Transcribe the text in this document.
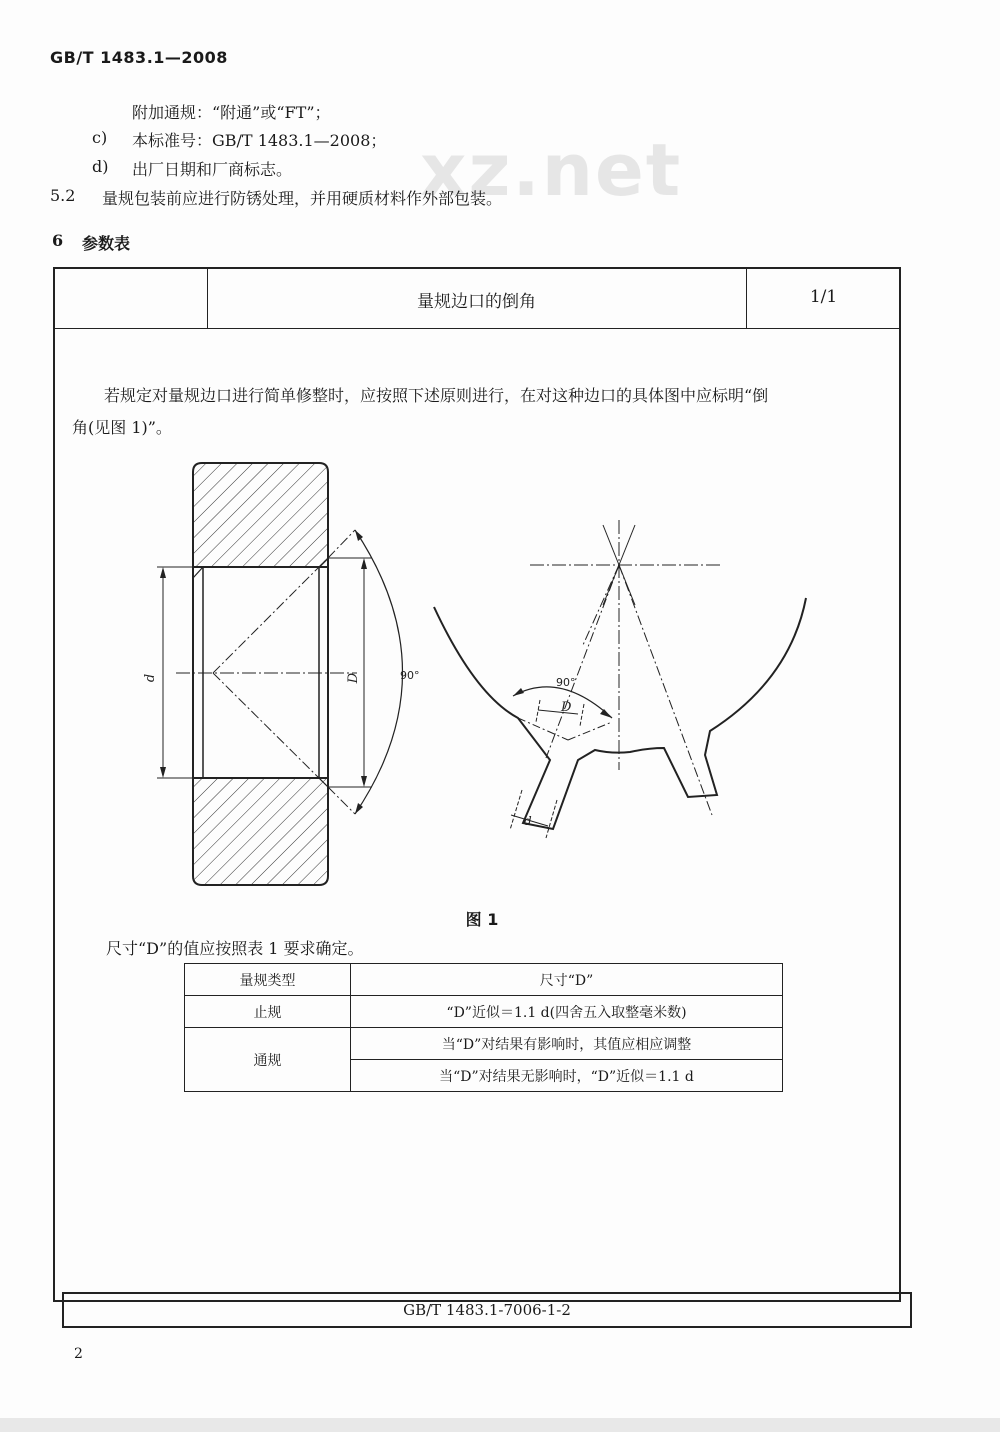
GB/T 1483.1—2008
xz.net
附加通规：“附通”或“FT”；
c) 本标准号：GB/T 1483.1—2008；
d) 出厂日期和厂商标志。
5.2 量规包装前应进行防锈处理，并用硬质材料作外部包装。
6 参数表
量规边口的倒角	1/1
若规定对量规边口进行简单修整时，应按照下述原则进行，在对这种边口的具体图中应标明“倒
角(见图 1)”。
d	D	90°
90°
D
d
图 1
尺寸“D”的值应按照表 1 要求确定。
量规类型	尺寸“D”
止规	“D”近似＝1.1 d(四舍五入取整毫米数)
通规	当“D”对结果有影响时，其值应相应调整
	当“D”对结果无影响时，“D”近似＝1.1 d
GB/T 1483.1-7006-1-2
2
